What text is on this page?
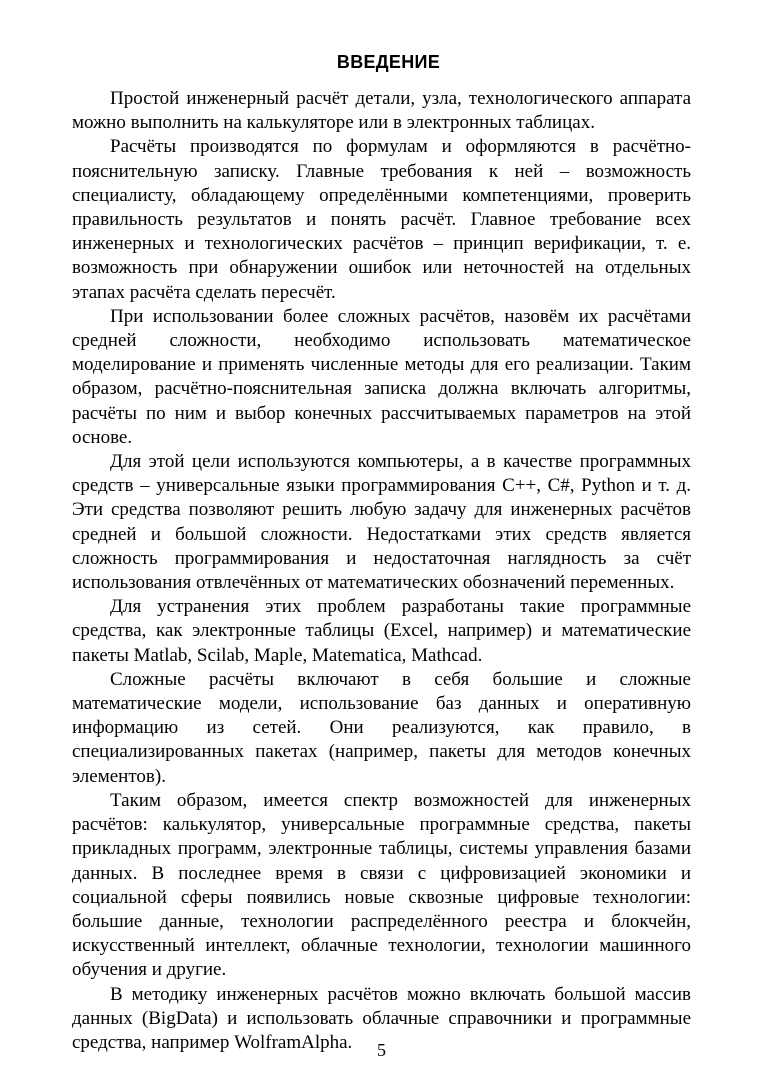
ВВЕДЕНИЕ

Простой инженерный расчёт детали, узла, технологического аппарата можно выполнить на калькуляторе или в электронных таблицах.

Расчёты производятся по формулам и оформляются в расчётно-пояснительную записку. Главные требования к ней – возможность специалисту, обладающему определёнными компетенциями, проверить правильность результатов и понять расчёт. Главное требование всех инженерных и технологических расчётов – принцип верификации, т. е. возможность при обнаружении ошибок или неточностей на отдельных этапах расчёта сделать пересчёт.

При использовании более сложных расчётов, назовём их расчётами средней сложности, необходимо использовать математическое моделирование и применять численные методы для его реализации. Таким образом, расчётно-пояснительная записка должна включать алгоритмы, расчёты по ним и выбор конечных рассчитываемых параметров на этой основе.

Для этой цели используются компьютеры, а в качестве программных средств – универсальные языки программирования С++, С#, Python и т. д. Эти средства позволяют решить любую задачу для инженерных расчётов средней и большой сложности. Недостатками этих средств является сложность программирования и недостаточная наглядность за счёт использования отвлечённых от математических обозначений переменных.

Для устранения этих проблем разработаны такие программные средства, как электронные таблицы (Excel, например) и математические пакеты Matlab, Scilab, Maple, Matematica, Mathcad.

Сложные расчёты включают в себя большие и сложные математические модели, использование баз данных и оперативную информацию из сетей. Они реализуются, как правило, в специализированных пакетах (например, пакеты для методов конечных элементов).

Таким образом, имеется спектр возможностей для инженерных расчётов: калькулятор, универсальные программные средства, пакеты прикладных программ, электронные таблицы, системы управления базами данных. В последнее время в связи с цифровизацией экономики и социальной сферы появились новые сквозные цифровые технологии: большие данные, технологии распределённого реестра и блокчейн, искусственный интеллект, облачные технологии, технологии машинного обучения и другие.

В методику инженерных расчётов можно включать большой массив данных (BigData) и использовать облачные справочники и программные средства, например WolframAlpha.	5
